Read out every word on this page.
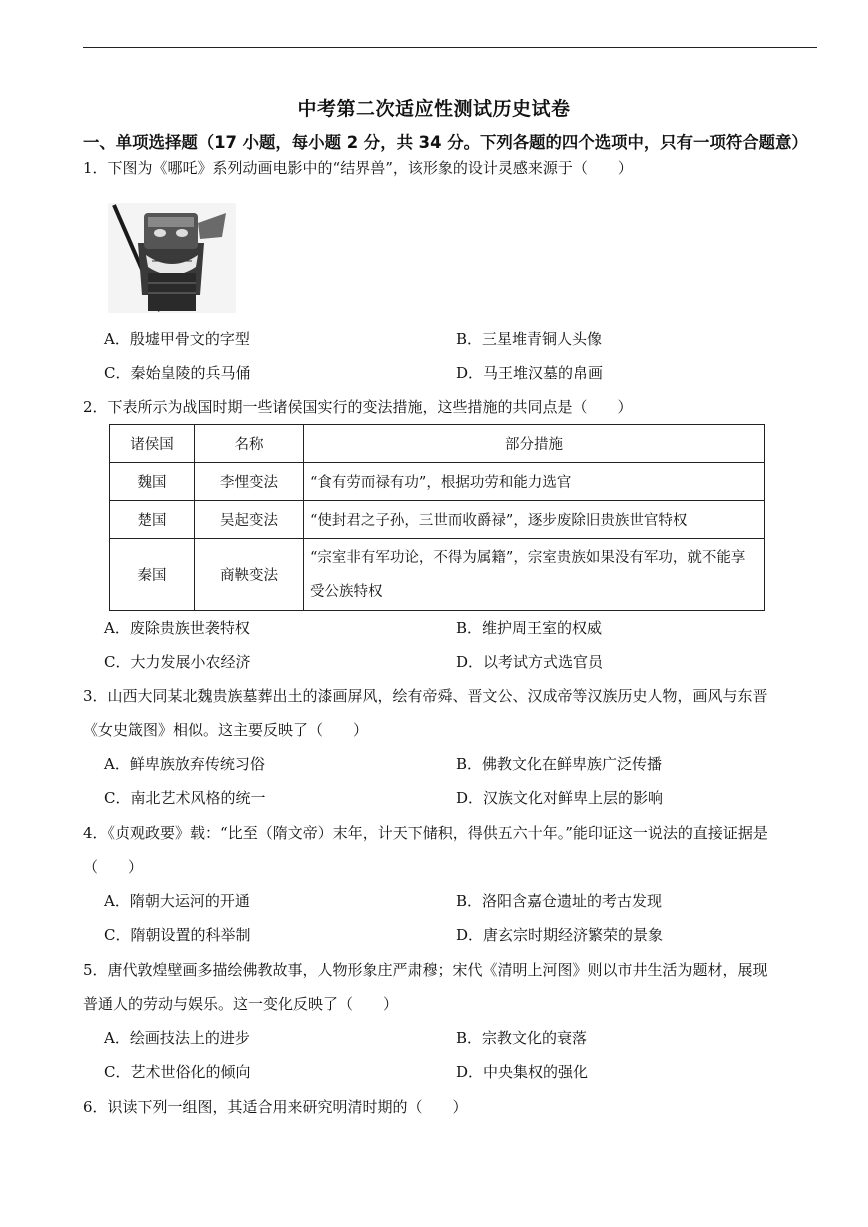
中考第二次适应性测试历史试卷
一、单项选择题（17 小题，每小题 2 分，共 34 分。下列各题的四个选项中，只有一项符合题意）
1．下图为《哪吒》系列动画电影中的“结界兽”，该形象的设计灵感来源于（　　）
A．殷墟甲骨文的字型	B．三星堆青铜人头像
C．秦始皇陵的兵马俑	D．马王堆汉墓的帛画
2．下表所示为战国时期一些诸侯国实行的变法措施，这些措施的共同点是（　　）
诸侯国	名称	部分措施
魏国	李悝变法	“食有劳而禄有功”，根据功劳和能力选官
楚国	吴起变法	“使封君之子孙，三世而收爵禄”，逐步废除旧贵族世官特权
秦国	商鞅变法	“宗室非有军功论，不得为属籍”，宗室贵族如果没有军功，就不能享受公族特权
A．废除贵族世袭特权	B．维护周王室的权威
C．大力发展小农经济	D．以考试方式选官员
3．山西大同某北魏贵族墓葬出土的漆画屏风，绘有帝舜、晋文公、汉成帝等汉族历史人物，画风与东晋
《女史箴图》相似。这主要反映了（　　）
A．鲜卑族放弃传统习俗	B．佛教文化在鲜卑族广泛传播
C．南北艺术风格的统一	D．汉族文化对鲜卑上层的影响
4．《贞观政要》载：“比至（隋文帝）末年，计天下储积，得供五六十年。”能印证这一说法的直接证据是
（　　）
A．隋朝大运河的开通	B．洛阳含嘉仓遗址的考古发现
C．隋朝设置的科举制	D．唐玄宗时期经济繁荣的景象
5．唐代敦煌壁画多描绘佛教故事，人物形象庄严肃穆；宋代《清明上河图》则以市井生活为题材，展现
普通人的劳动与娱乐。这一变化反映了（　　）
A．绘画技法上的进步	B．宗教文化的衰落
C．艺术世俗化的倾向	D．中央集权的强化
6．识读下列一组图，其适合用来研究明清时期的（　　）
